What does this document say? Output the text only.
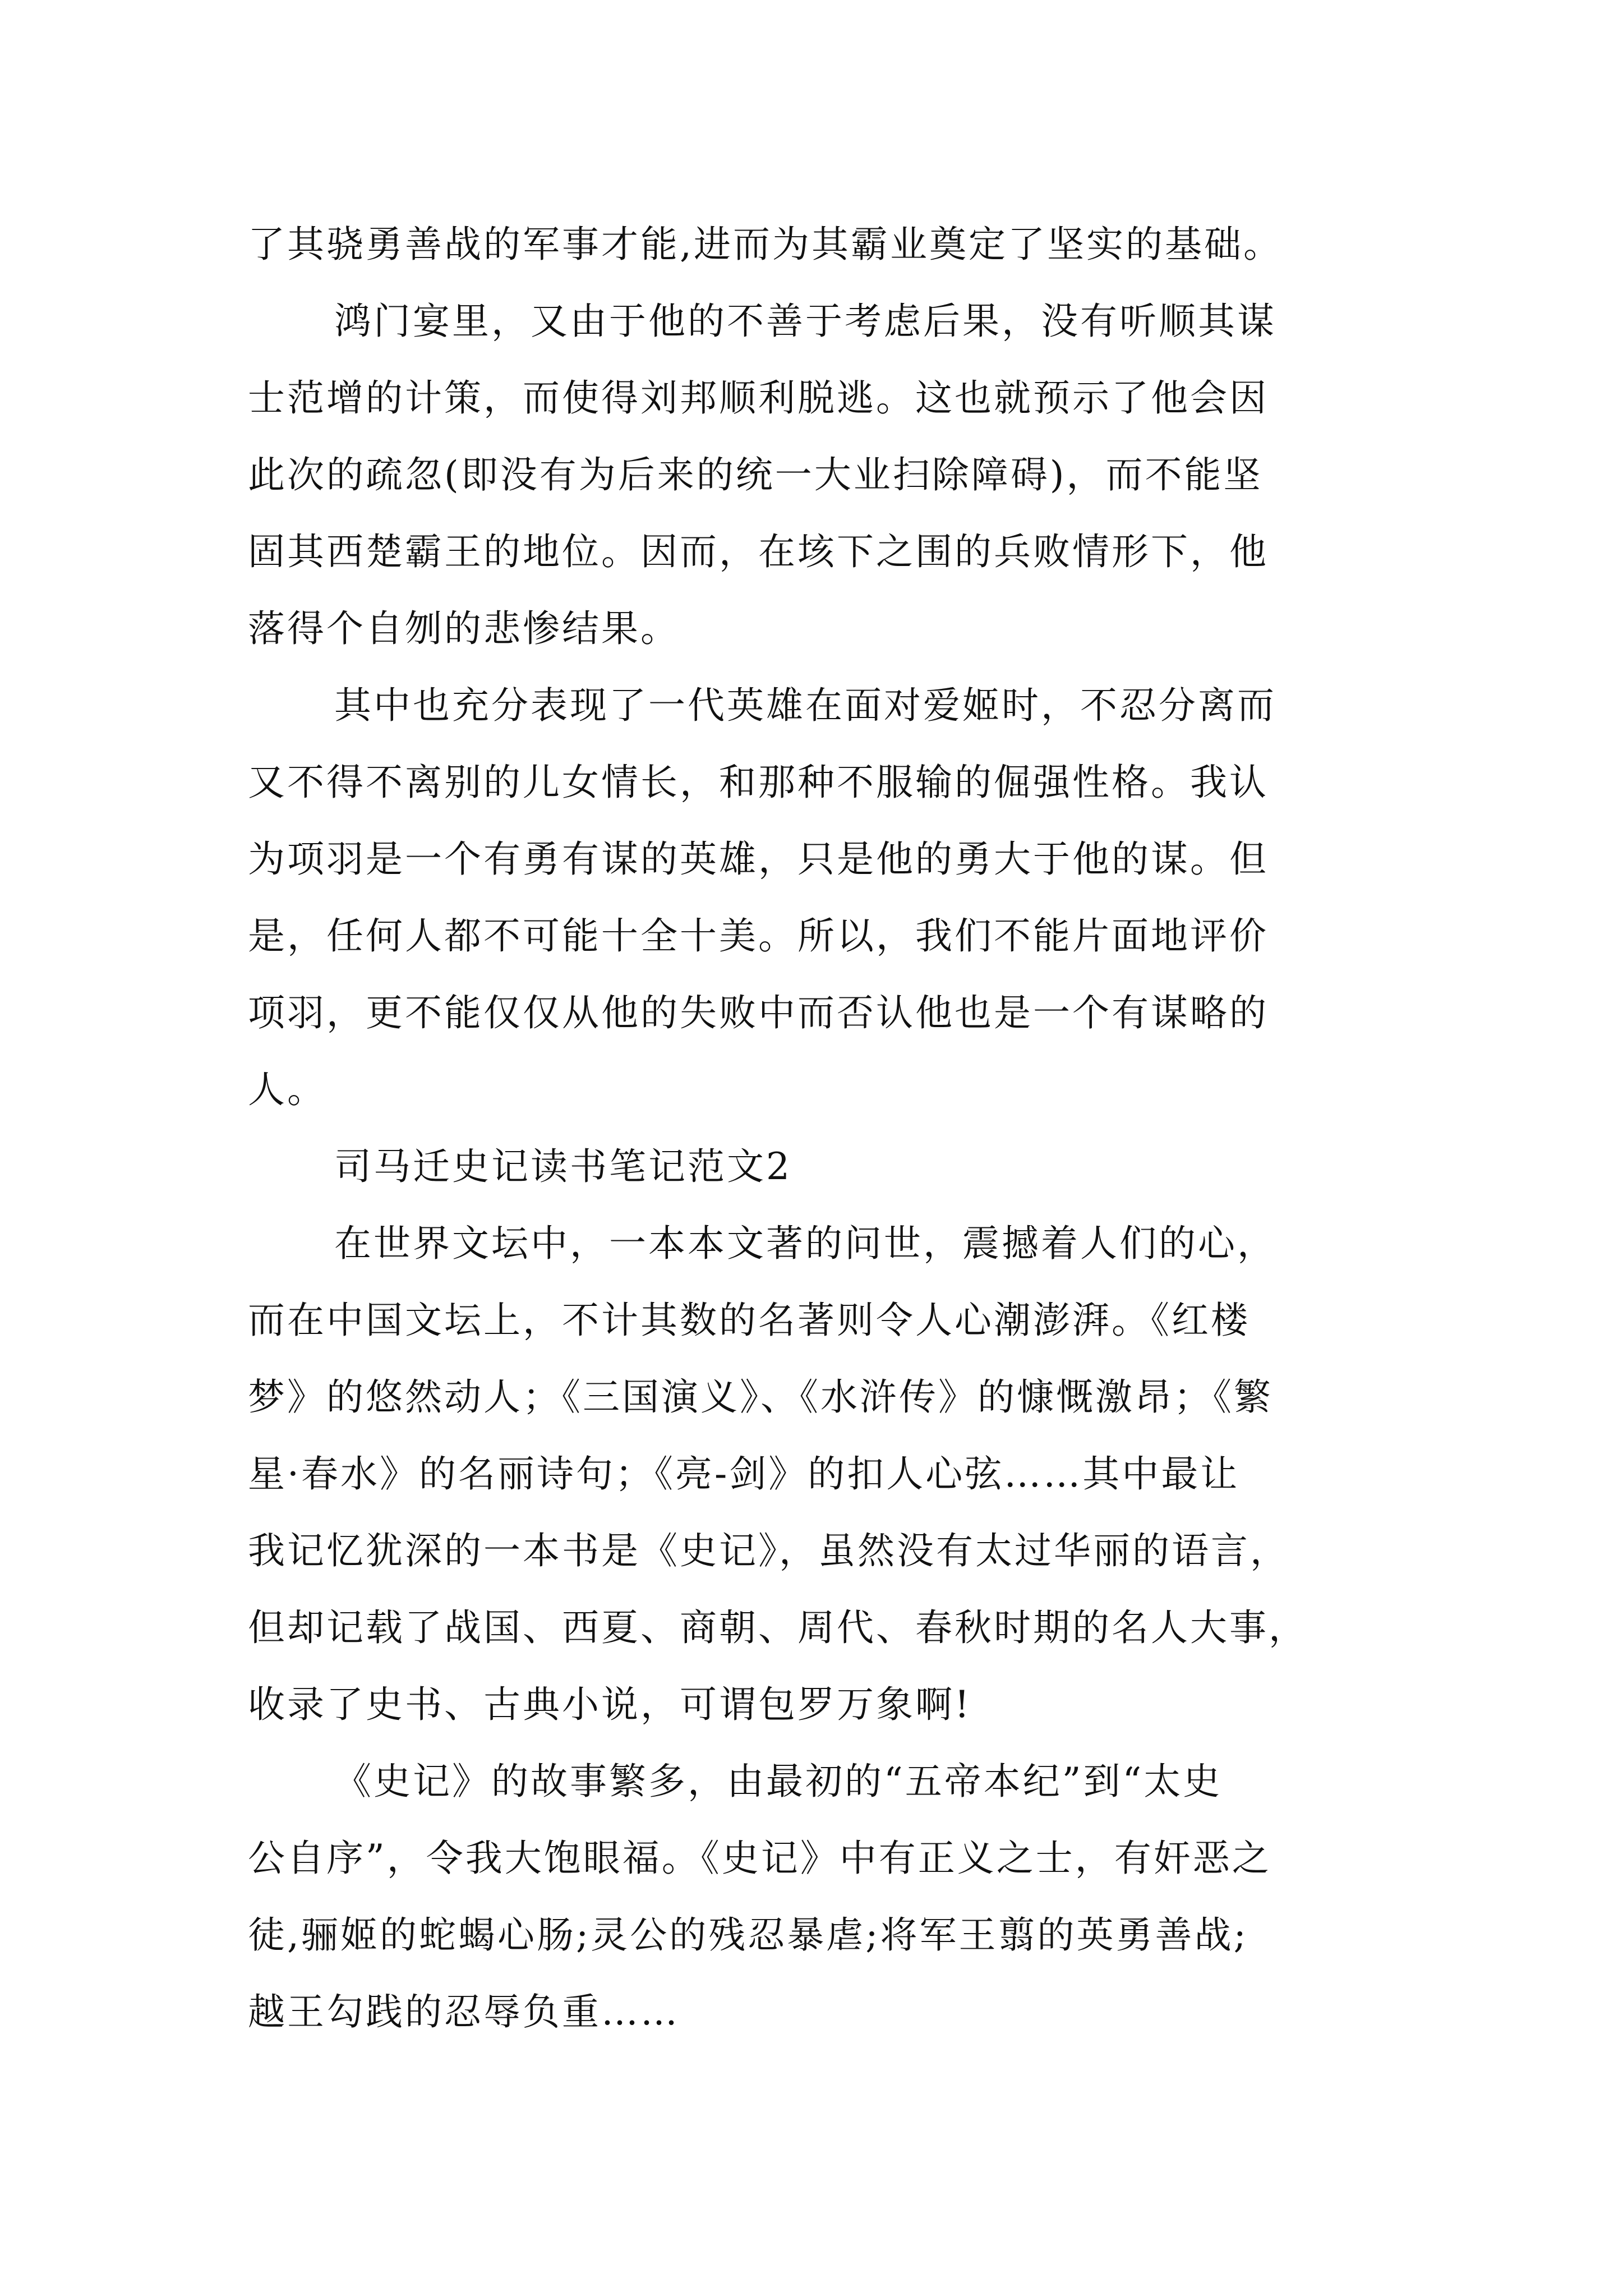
了其骁勇善战的军事才能,进而为其霸业奠定了坚实的基础。
鸿门宴里，又由于他的不善于考虑后果，没有听顺其谋
士范增的计策，而使得刘邦顺利脱逃。这也就预示了他会因
此次的疏忽(即没有为后来的统一大业扫除障碍)，而不能坚
固其西楚霸王的地位。因而，在垓下之围的兵败情形下，他
落得个自刎的悲惨结果。
其中也充分表现了一代英雄在面对爱姬时，不忍分离而
又不得不离别的儿女情长，和那种不服输的倔强性格。我认
为项羽是一个有勇有谋的英雄，只是他的勇大于他的谋。但
是，任何人都不可能十全十美。所以，我们不能片面地评价
项羽，更不能仅仅从他的失败中而否认他也是一个有谋略的
人。
司马迁史记读书笔记范文2
在世界文坛中，一本本文著的问世，震撼着人们的心，
而在中国文坛上，不计其数的名著则令人心潮澎湃。《红楼
梦》的悠然动人；《三国演义》、《水浒传》的慷慨激昂；《繁
星·春水》的名丽诗句；《亮-剑》的扣人心弦……其中最让
我记忆犹深的一本书是《史记》，虽然没有太过华丽的语言，
但却记载了战国、西夏、商朝、周代、春秋时期的名人大事，
收录了史书、古典小说，可谓包罗万象啊!
《史记》的故事繁多，由最初的“五帝本纪”到“太史
公自序”，令我大饱眼福。《史记》中有正义之士，有奸恶之
徒,骊姬的蛇蝎心肠;灵公的残忍暴虐;将军王翦的英勇善战;
越王勾践的忍辱负重……
